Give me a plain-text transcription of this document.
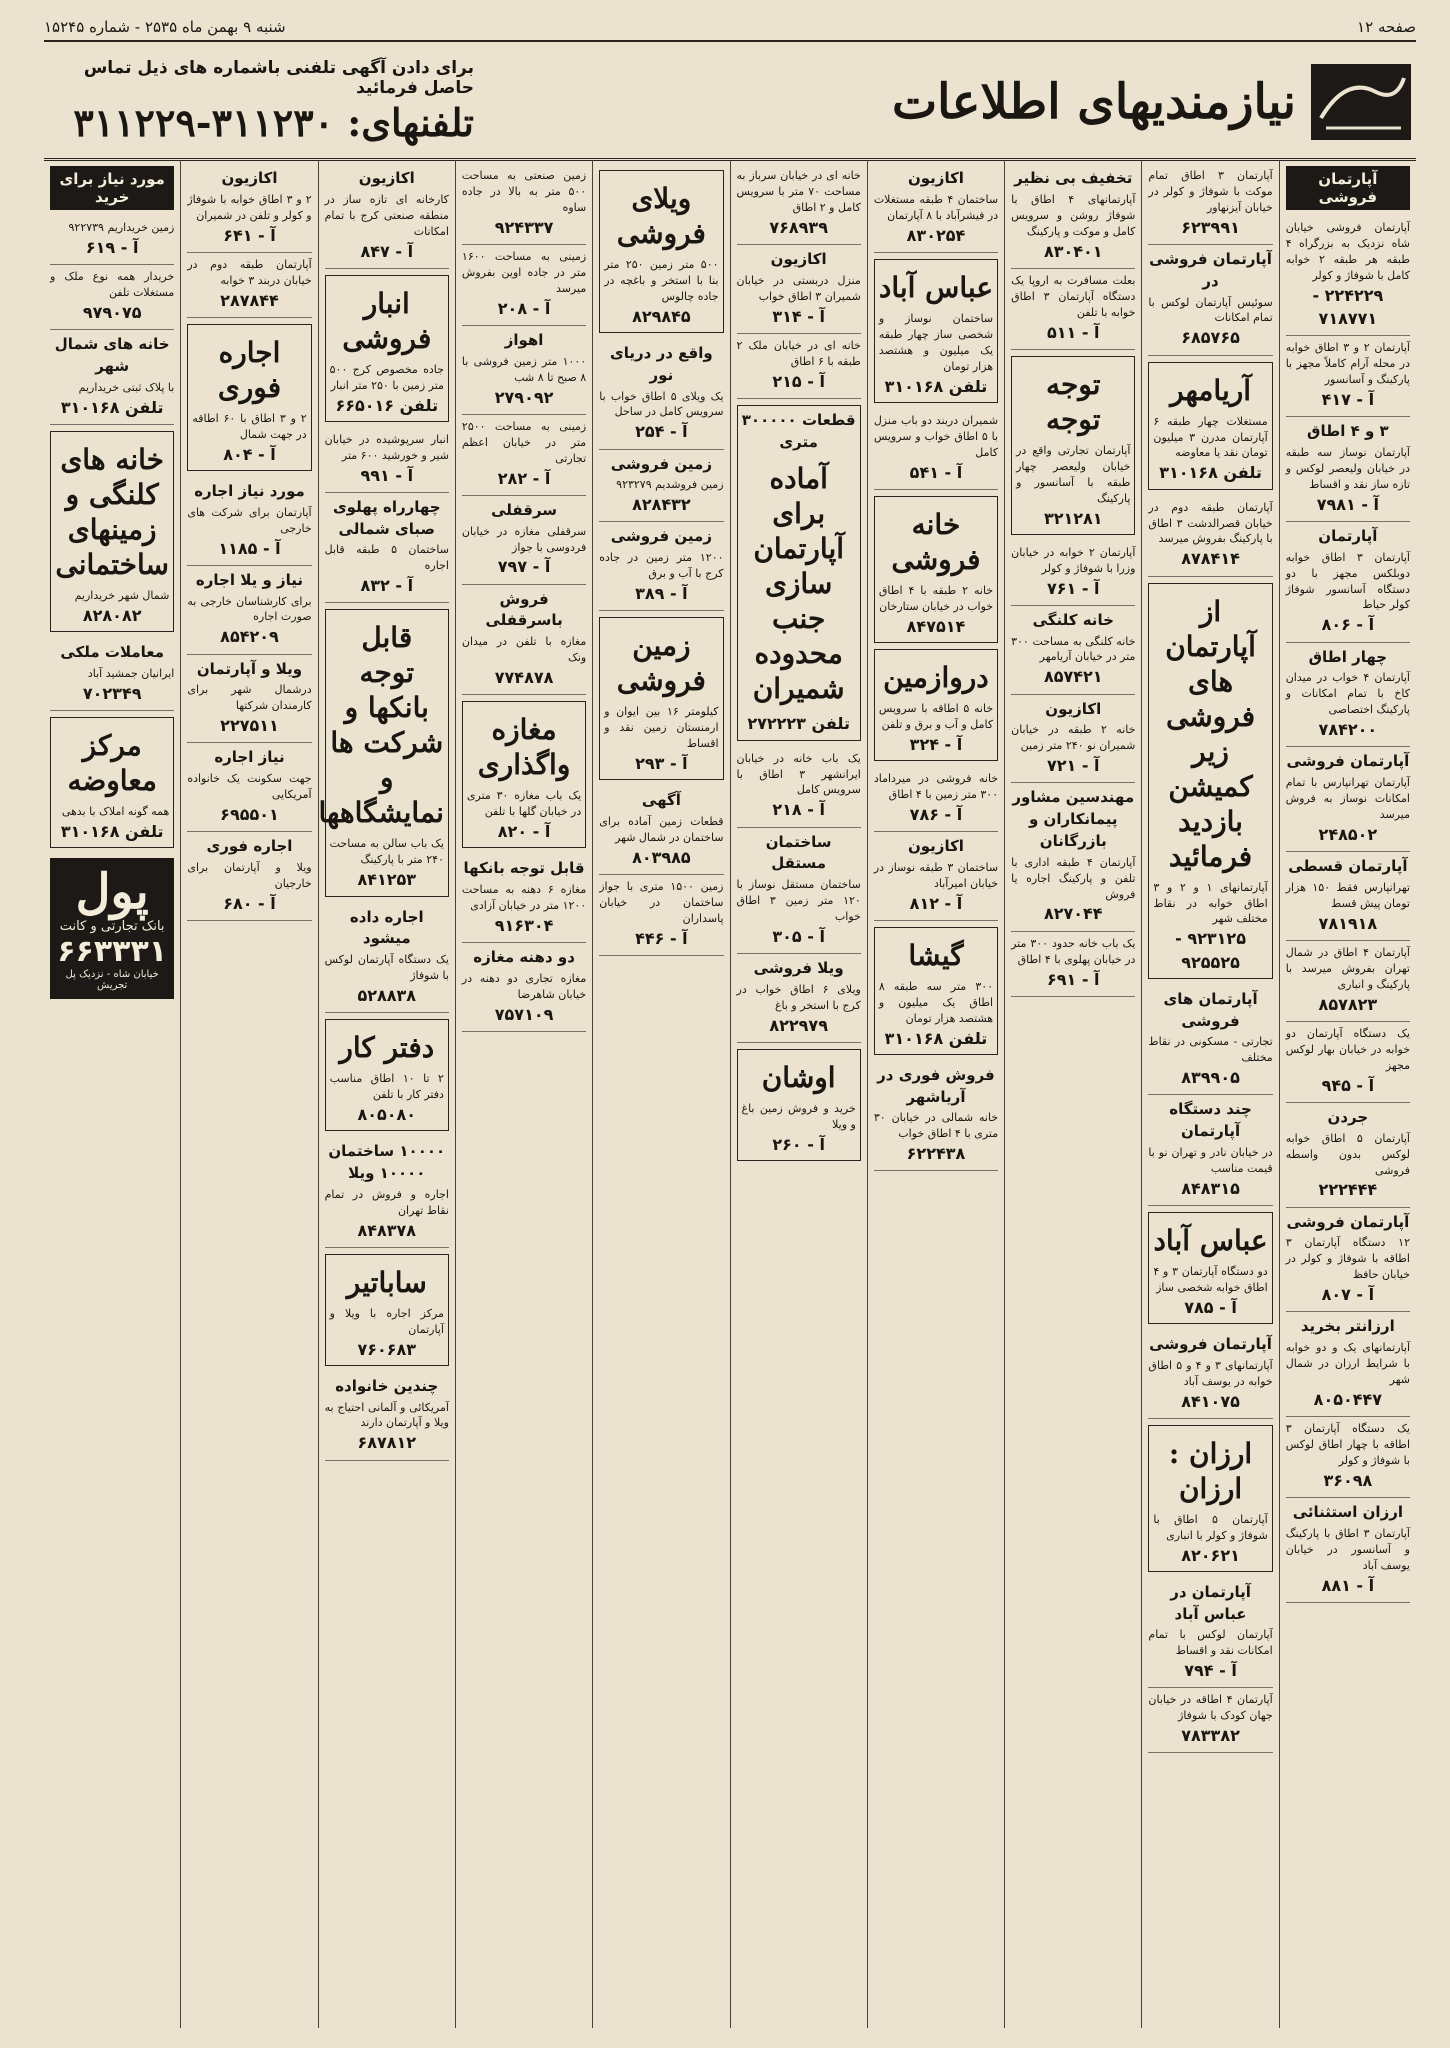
صفحه ۱۲
شنبه ۹ بهمن ماه ۲۵۳۵ - شماره ۱۵۲۴۵
نیازمندیهای اطلاعات
برای دادن آگهی تلفنی باشماره های ذیل تماس حاصل فرمائید
تلفنهای: ۳۱۱۲۳۰-۳۱۱۲۲۹
آپارتمان فروشی
آپارتمان فروشی خیابان شاه نزدیک به بزرگراه ۴ طبقه هر طبقه ۲ خوابه کامل با شوفاژ و کولر
۲۲۴۲۲۹ - ۷۱۸۷۷۱
آپارتمان ۲ و ۳ اطاق خوابه در محله آرام کاملاً مجهز با پارکینگ و آسانسور
آ - ۴۱۷
۳ و ۴ اطاق
آپارتمان نوساز سه طبقه در خیابان ولیعصر لوکس و تازه ساز نقد و اقساط
آ - ۷۹۸۱
آپارتمان
آپارتمان ۳ اطاق خوابه دوبلکس مجهز با دو دستگاه آسانسور شوفاژ کولر حیاط
آ - ۸۰۶
چهار اطاق
آپارتمان ۴ خواب در میدان کاخ با تمام امکانات و پارکینگ اختصاصی
۷۸۴۲۰۰
آپارتمان فروشی
آپارتمان تهرانپارس با تمام امکانات نوساز به فروش میرسد
۲۴۸۵۰۲
آپارتمان قسطی
تهرانپارس فقط ۱۵۰ هزار تومان پیش قسط
۷۸۱۹۱۸
آپارتمان ۴ اطاق در شمال تهران بفروش میرسد با پارکینگ و انباری
۸۵۷۸۲۳
یک دستگاه آپارتمان دو خوابه در خیابان بهار لوکس مجهز
آ - ۹۴۵
جردن
آپارتمان ۵ اطاق خوابه لوکس بدون واسطه فروشی
۲۲۲۴۴۴
آپارتمان فروشی
۱۲ دستگاه آپارتمان ۳ اطاقه با شوفاژ و کولر در خیابان حافظ
آ - ۸۰۷
ارزانتر بخرید
آپارتمانهای یک و دو خوابه با شرایط ارزان در شمال شهر
۸۰۵۰۴۴۷
یک دستگاه آپارتمان ۳ اطاقه با چهار اطاق لوکس با شوفاژ و کولر
۳۶۰۹۸
ارزان استثنائی
آپارتمان ۳ اطاق با پارکینگ و آسانسور در خیابان یوسف آباد
آ - ۸۸۱
آپارتمان ۳ اطاق تمام موکت با شوفاژ و کولر در خیابان آیزنهاور
۶۲۳۹۹۱
آپارتمان فروشی در
سوئیس آپارتمان لوکس با تمام امکانات
۶۸۵۷۶۵
آریامهر
مستغلات چهار طبقه ۶ آپارتمان مدرن ۳ میلیون تومان نقد یا معاوضه
تلفن ۳۱۰۱۶۸
آپارتمان طبقه دوم در خیابان قصرالدشت ۳ اطاق با پارکینگ بفروش میرسد
۸۷۸۴۱۴
از آپارتمان های فروشی زیر کمیشن بازدید فرمائید
آپارتمانهای ۱ و ۲ و ۳ اطاق خوابه در نقاط مختلف شهر
۹۲۳۱۲۵ - ۹۲۵۵۲۵
آپارتمان های فروشی
تجارتی - مسکونی در نقاط مختلف
۸۳۹۹۰۵
چند دستگاه آپارتمان
در خیابان نادر و تهران نو با قیمت مناسب
۸۴۸۳۱۵
عباس آباد
دو دستگاه آپارتمان ۳ و ۴ اطاق خوابه شخصی ساز
آ - ۷۸۵
آپارتمان فروشی
آپارتمانهای ۳ و ۴ و ۵ اطاق خوابه در یوسف آباد
۸۴۱۰۷۵
ارزان : ارزان
آپارتمان ۵ اطاق با شوفاژ و کولر با انباری
۸۲۰۶۲۱
آپارتمان در عباس آباد
آپارتمان لوکس با تمام امکانات نقد و اقساط
آ - ۷۹۴
آپارتمان ۴ اطاقه در خیابان جهان کودک با شوفاژ
۷۸۳۳۸۲
تخفیف بی نظیر
آپارتمانهای ۴ اطاق با شوفاژ روشن و سرویس کامل و موکت و پارکینگ
۸۳۰۴۰۱
بعلت مسافرت به اروپا یک دستگاه آپارتمان ۳ اطاق خوابه با تلفن
آ - ۵۱۱
توجه توجه
آپارتمان تجارتی واقع در خیابان ولیعصر چهار طبقه با آسانسور و پارکینگ
۳۲۱۲۸۱
آپارتمان ۲ خوابه در خیابان وزرا با شوفاژ و کولر
آ - ۷۶۱
خانه کلنگی
خانه کلنگی به مساحت ۳۰۰ متر در خیابان آریامهر
۸۵۷۴۲۱
اکازیون
خانه ۲ طبقه در خیابان شمیران نو ۲۴۰ متر زمین
آ - ۷۲۱
مهندسین مشاور پیمانکاران و بازرگانان
آپارتمان ۴ طبقه اداری با تلفن و پارکینگ اجاره یا فروش
۸۲۷۰۴۴
یک باب خانه حدود ۳۰۰ متر در خیابان پهلوی با ۴ اطاق
آ - ۶۹۱
اکازیون
ساختمان ۴ طبقه مستغلات در فیشرآباد با ۸ آپارتمان
۸۳۰۲۵۴
عباس آباد
ساختمان نوساز و شخصی ساز چهار طبقه یک میلیون و هشتصد هزار تومان
تلفن ۳۱۰۱۶۸
شمیران دربند دو باب منزل با ۵ اطاق خواب و سرویس کامل
آ - ۵۴۱
خانه فروشی
خانه ۲ طبقه با ۴ اطاق خواب در خیابان ستارخان
۸۴۷۵۱۴
دروازمین
خانه ۵ اطاقه با سرویس کامل و آب و برق و تلفن
آ - ۳۲۴
خانه فروشی در میرداماد ۳۰۰ متر زمین با ۴ اطاق
آ - ۷۸۶
اکازیون
ساختمان ۳ طبقه نوساز در خیابان امیرآباد
آ - ۸۱۲
گیشا
۳۰۰ متر سه طبقه ۸ اطاق یک میلیون و هشتصد هزار تومان
تلفن ۳۱۰۱۶۸
فروش فوری در آریاشهر
خانه شمالی در خیابان ۳۰ متری با ۴ اطاق خواب
۶۲۲۴۳۸
خانه ای در خیابان سرباز به مساحت ۷۰ متر با سرویس کامل و ۲ اطاق
۷۶۸۹۳۹
اکازیون
منزل دربستی در خیابان شمیران ۳ اطاق خواب
آ - ۳۱۴
خانه ای در خیابان ملک ۲ طبقه با ۶ اطاق
آ - ۲۱۵
قطعات ۳۰۰۰۰۰ متری
آماده برای آپارتمان سازی جنب محدوده شمیران
تلفن ۲۷۲۲۲۳
یک باب خانه در خیابان ایرانشهر ۳ اطاق با سرویس کامل
آ - ۲۱۸
ساختمان مستقل
ساختمان مستقل نوساز با ۱۲۰ متر زمین ۳ اطاق خواب
آ - ۳۰۵
ویلا فروشی
ویلای ۶ اطاق خواب در کرج با استخر و باغ
۸۲۲۹۷۹
اوشان
خرید و فروش زمین باغ و ویلا
آ - ۲۶۰
ویلای فروشی
۵۰۰ متر زمین ۲۵۰ متر بنا با استخر و باغچه در جاده چالوس
۸۲۹۸۴۵
واقع در دریای نور
یک ویلای ۵ اطاق خواب با سرویس کامل در ساحل
آ - ۲۵۴
زمین فروشی
زمین فروشدیم ۹۲۳۲۷۹
۸۲۸۴۳۲
زمین فروشی
۱۲۰۰ متر زمین در جاده کرج با آب و برق
آ - ۳۸۹
زمین فروشی
کیلومتر ۱۶ بین ایوان و ارمنستان زمین نقد و اقساط
آ - ۲۹۳
آگهی
قطعات زمین آماده برای ساختمان در شمال شهر
۸۰۳۹۸۵
زمین ۱۵۰۰ متری با جواز ساختمان در خیابان پاسداران
آ - ۴۴۶
زمین صنعتی به مساحت ۵۰۰ متر به بالا در جاده ساوه
۹۲۴۳۳۷
زمینی به مساحت ۱۶۰۰ متر در جاده اوین بفروش میرسد
آ - ۲۰۸
اهواز
۱۰۰۰ متر زمین فروشی با ۸ صبح تا ۸ شب
۲۷۹۰۹۲
زمینی به مساحت ۲۵۰۰ متر در خیابان اعظم تجارتی
آ - ۲۸۲
سرقفلی
سرقفلی مغازه در خیابان فردوسی با جواز
آ - ۷۹۷
فروش باسرقفلی
مغازه با تلفن در میدان ونک
۷۷۴۸۷۸
مغازه واگذاری
یک باب مغازه ۳۰ متری در خیابان گلها با تلفن
آ - ۸۲۰
قابل توجه بانکها
مغازه ۶ دهنه به مساحت ۱۲۰۰ متر در خیابان آزادی
۹۱۶۳۰۴
دو دهنه مغازه
مغازه تجاری دو دهنه در خیابان شاهرضا
۷۵۷۱۰۹
اکازیون
کارخانه ای تازه ساز در منطقه صنعتی کرج با تمام امکانات
آ - ۸۴۷
انبار فروشی
جاده مخصوص کرج ۵۰۰ متر زمین با ۲۵۰ متر انبار
تلفن ۶۶۵۰۱۶
انبار سرپوشیده در خیابان شیر و خورشید ۶۰۰ متر
آ - ۹۹۱
چهارراه پهلوی صبای شمالی
ساختمان ۵ طبقه قابل اجاره
آ - ۸۳۲
قابل توجه بانکها و شرکت ها و نمایشگاهها
یک باب سالن به مساحت ۲۴۰ متر با پارکینگ
۸۴۱۲۵۳
اجاره داده میشود
یک دستگاه آپارتمان لوکس با شوفاژ
۵۲۸۸۳۸
دفتر کار
۲ تا ۱۰ اطاق مناسب دفتر کار با تلفن
۸۰۵۰۸۰
۱۰۰۰۰ ساختمان ۱۰۰۰۰ ویلا
اجاره و فروش در تمام نقاط تهران
۸۴۸۳۷۸
ساباتیر
مرکز اجاره با ویلا و آپارتمان
۷۶۰۶۸۳
چندین خانواده
آمریکائی و آلمانی احتیاج به ویلا و آپارتمان دارند
۶۸۷۸۱۲
اکازیون
۲ و ۳ اطاق خوابه با شوفاژ و کولر و تلفن در شمیران
آ - ۶۴۱
آپارتمان طبقه دوم در خیابان دربند ۳ خوابه
۲۸۷۸۴۴
اجاره فوری
۲ و ۳ اطاق با ۶۰ اطاقه در جهت شمال
آ - ۸۰۴
مورد نیاز اجاره
آپارتمان برای شرکت های خارجی
آ - ۱۱۸۵
نیاز و یلا اجاره
برای کارشناسان خارجی به صورت اجاره
۸۵۴۲۰۹
ویلا و آپارتمان
درشمال شهر برای کارمندان شرکتها
۲۲۷۵۱۱
نیاز اجاره
جهت سکونت یک خانواده آمریکایی
۶۹۵۵۰۱
اجاره فوری
ویلا و آپارتمان برای خارجیان
آ - ۶۸۰
مورد نیاز برای خرید
زمین خریداریم ۹۲۲۷۳۹
آ - ۶۱۹
خریدار همه نوع ملک و مستغلات تلفن
۹۷۹۰۷۵
خانه های شمال شهر
با پلاک ثبتی خریداریم
تلفن ۳۱۰۱۶۸
خانه های کلنگی و زمینهای ساختمانی
شمال شهر خریداریم
۸۲۸۰۸۲
معاملات ملکی
ایرانیان جمشید آباد
۷۰۲۳۴۹
مرکز معاوضه
همه گونه املاک با بدهی
تلفن ۳۱۰۱۶۸
پول
بانک تجارتی و کانت
۶۶۳۳۳۱
خیابان شاه - نزدیک پل تجریش
